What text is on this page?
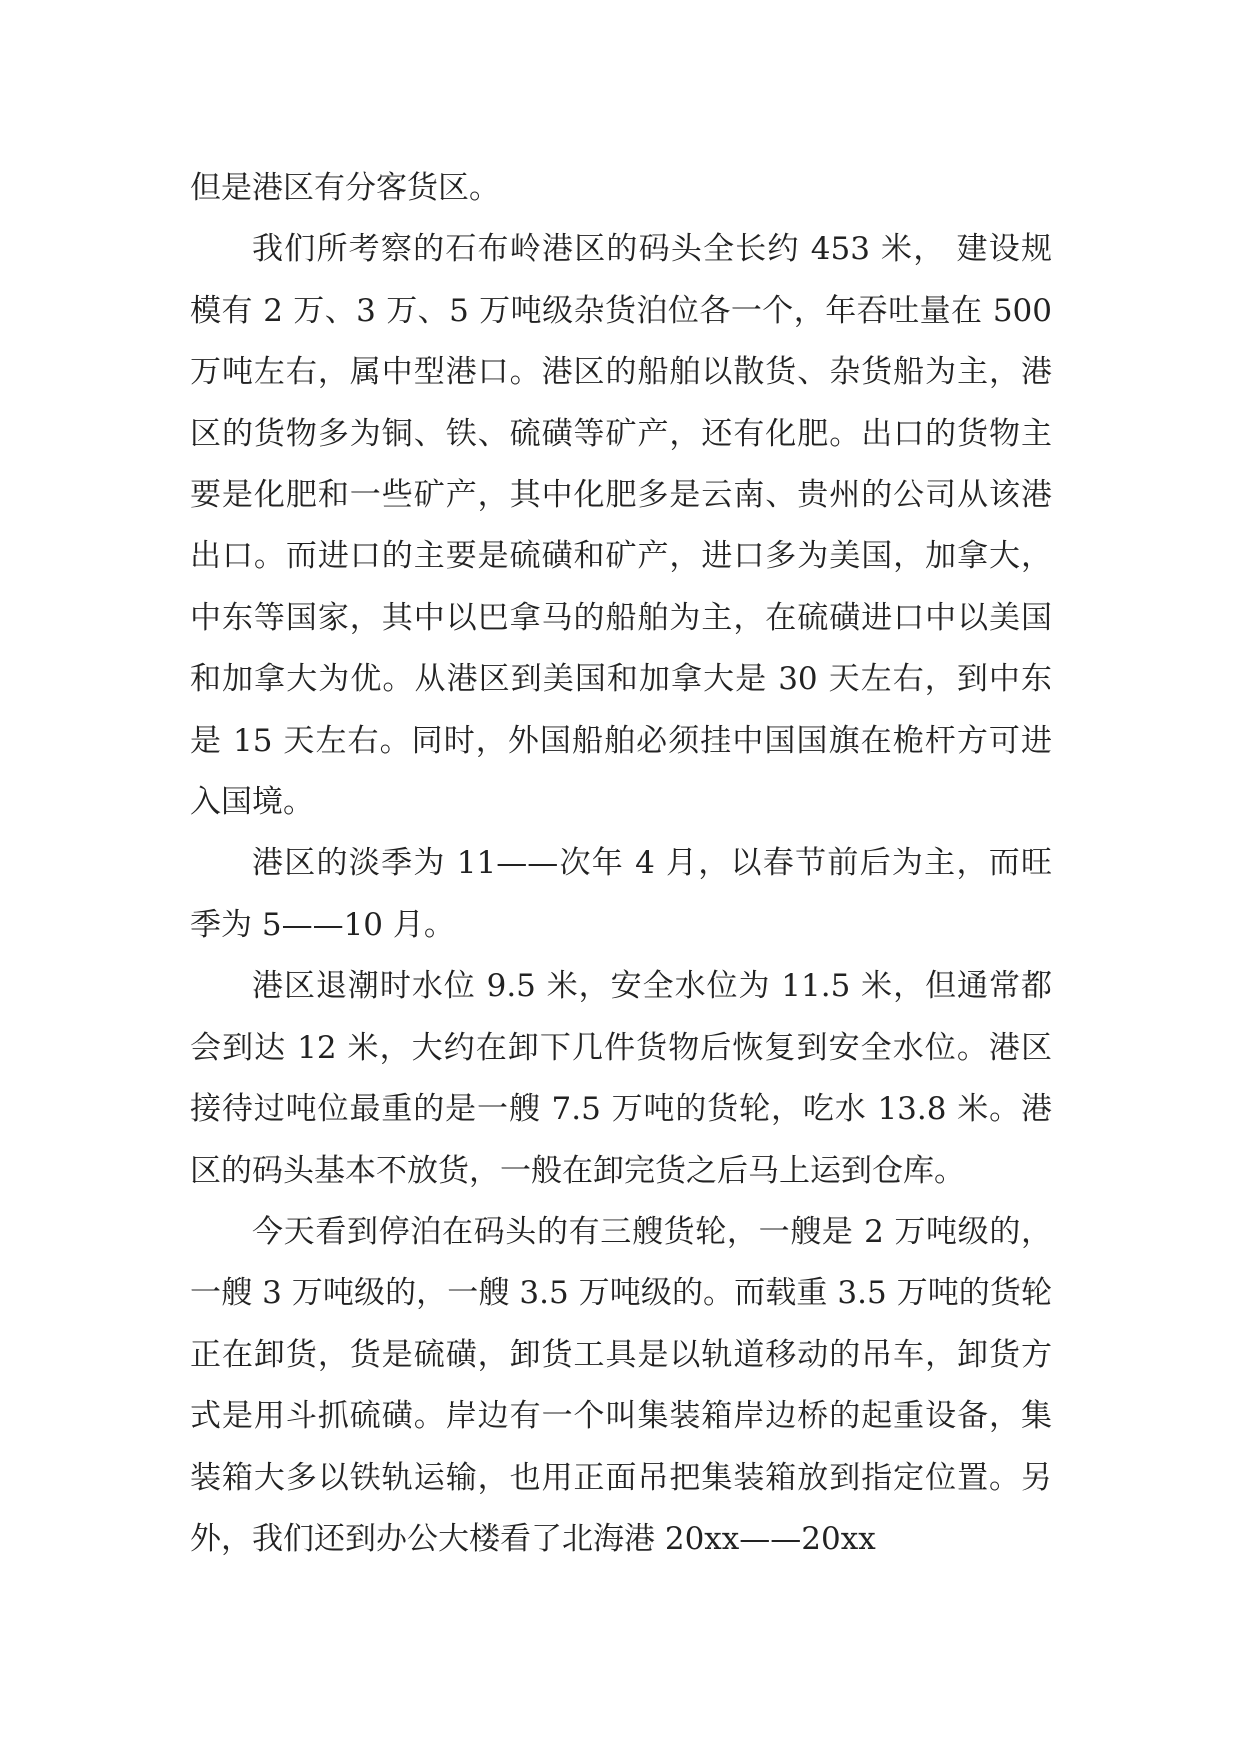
但是港区有分客货区。

我们所考察的石布岭港区的码头全长约 453 米， 建设规模有 2 万、3 万、5 万吨级杂货泊位各一个，年吞吐量在 500 万吨左右，属中型港口。港区的船舶以散货、杂货船为主，港区的货物多为铜、铁、硫磺等矿产，还有化肥。出口的货物主要是化肥和一些矿产，其中化肥多是云南、贵州的公司从该港出口。而进口的主要是硫磺和矿产，进口多为美国，加拿大，中东等国家，其中以巴拿马的船舶为主，在硫磺进口中以美国和加拿大为优。从港区到美国和加拿大是 30 天左右，到中东是 15 天左右。同时，外国船舶必须挂中国国旗在桅杆方可进入国境。

港区的淡季为 11——次年 4 月，以春节前后为主，而旺季为 5——10 月。

港区退潮时水位 9.5 米，安全水位为 11.5 米，但通常都会到达 12 米，大约在卸下几件货物后恢复到安全水位。港区接待过吨位最重的是一艘 7.5 万吨的货轮，吃水 13.8 米。港区的码头基本不放货，一般在卸完货之后马上运到仓库。

今天看到停泊在码头的有三艘货轮，一艘是 2 万吨级的，一艘 3 万吨级的，一艘 3.5 万吨级的。而载重 3.5 万吨的货轮正在卸货，货是硫磺，卸货工具是以轨道移动的吊车，卸货方式是用斗抓硫磺。岸边有一个叫集装箱岸边桥的起重设备，集装箱大多以铁轨运输，也用正面吊把集装箱放到指定位置。另外，我们还到办公大楼看了北海港 20xx——20xx
